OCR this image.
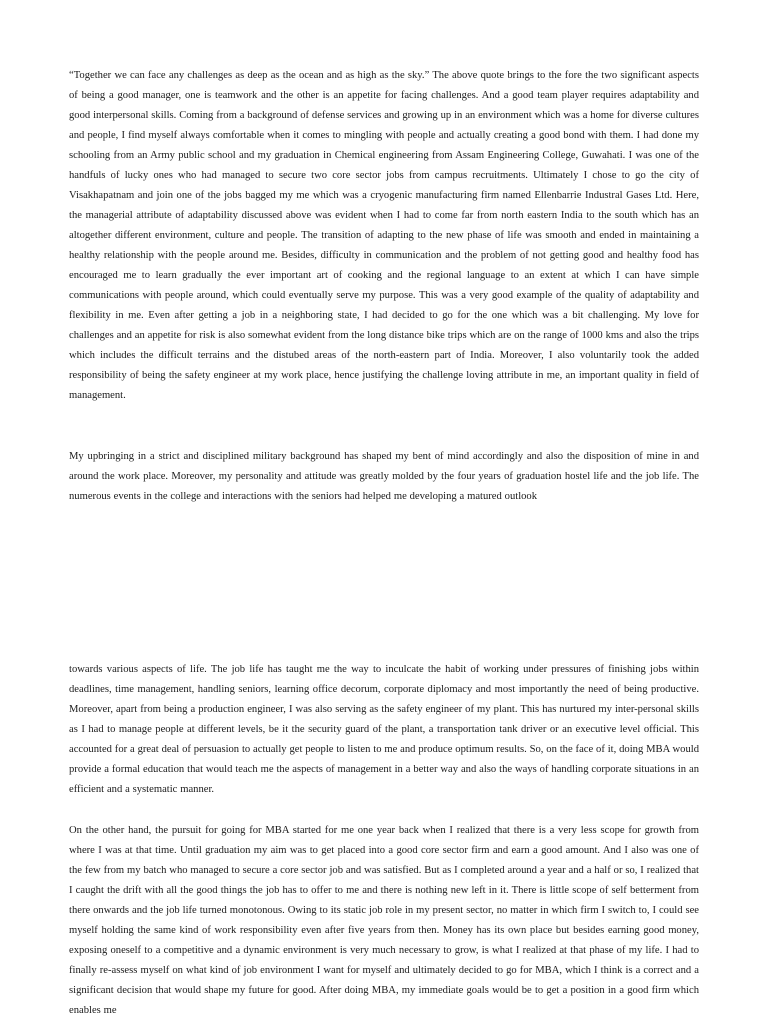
“Together we can face any challenges as deep as the ocean and as high as the sky.” The above quote brings to the fore the two significant aspects of being a good manager, one is teamwork and the other is an appetite for facing challenges. And a good team player requires adaptability and good interpersonal skills. Coming from a background of defense services and growing up in an environment which was a home for diverse cultures and people, I find myself always comfortable when it comes to mingling with people and actually creating a good bond with them. I had done my schooling from an Army public school and my graduation in Chemical engineering from Assam Engineering College, Guwahati. I was one of the handfuls of lucky ones who had managed to secure two core sector jobs from campus recruitments. Ultimately I chose to go the city of Visakhapatnam and join one of the jobs bagged my me which was a cryogenic manufacturing firm named Ellenbarrie Industral Gases Ltd. Here, the managerial attribute of adaptability discussed above was evident when I had to come far from north eastern India to the south which has an altogether different environment, culture and people. The transition of adapting to the new phase of life was smooth and ended in maintaining a healthy relationship with the people around me. Besides, difficulty in communication and the problem of not getting good and healthy food has encouraged me to learn gradually the ever important art of cooking and the regional language to an extent at which I can have simple communications with people around, which could eventually serve my purpose. This was a very good example of the quality of adaptability and flexibility in me. Even after getting a job in a neighboring state, I had decided to go for the one which was a bit challenging. My love for challenges and an appetite for risk is also somewhat evident from the long distance bike trips which are on the range of 1000 kms and also the trips which includes the difficult terrains and the distubed areas of the north-eastern part of India. Moreover, I also voluntarily took the added responsibility of being the safety engineer at my work place, hence justifying the challenge loving attribute in me, an important quality in field of management.

My upbringing in a strict and disciplined military background has shaped my bent of mind accordingly and also the disposition of mine in and around the work place. Moreover, my personality and attitude was greatly molded by the four years of graduation hostel life and the job life. The numerous events in the college and interactions with the seniors had helped me developing a matured outlook

towards various aspects of life. The job life has taught me the way to inculcate the habit of working under pressures of finishing jobs within deadlines, time management, handling seniors, learning office decorum, corporate diplomacy and most importantly the need of being productive. Moreover, apart from being a production engineer, I was also serving as the safety engineer of my plant. This has nurtured my inter-personal skills as I had to manage people at different levels, be it the security guard of the plant, a transportation tank driver or an executive level official. This accounted for a great deal of persuasion to actually get people to listen to me and produce optimum results. So, on the face of it, doing MBA would provide a formal education that would teach me the aspects of management in a better way and also the ways of handling corporate situations in an efficient and a systematic manner.

On the other hand, the pursuit for going for MBA started for me one year back when I realized that there is a very less scope for growth from where I was at that time. Until graduation my aim was to get placed into a good core sector firm and earn a good amount. And I also was one of the few from my batch who managed to secure a core sector job and was satisfied. But as I completed around a year and a half or so, I realized that I caught the drift with all the good things the job has to offer to me and there is nothing new left in it. There is little scope of self betterment from there onwards and the job life turned monotonous. Owing to its static job role in my present sector, no matter in which firm I switch to, I could see myself holding the same kind of work responsibility even after five years from then. Money has its own place but besides earning good money, exposing oneself to a competitive and a dynamic environment is very much necessary to grow, is what I realized at that phase of my life. I had to finally re-assess myself on what kind of job environment I want for myself and ultimately decided to go for MBA, which I think is a correct and a significant decision that would shape my future for good. After doing MBA, my immediate goals would be to get a position in a good firm which enables me
